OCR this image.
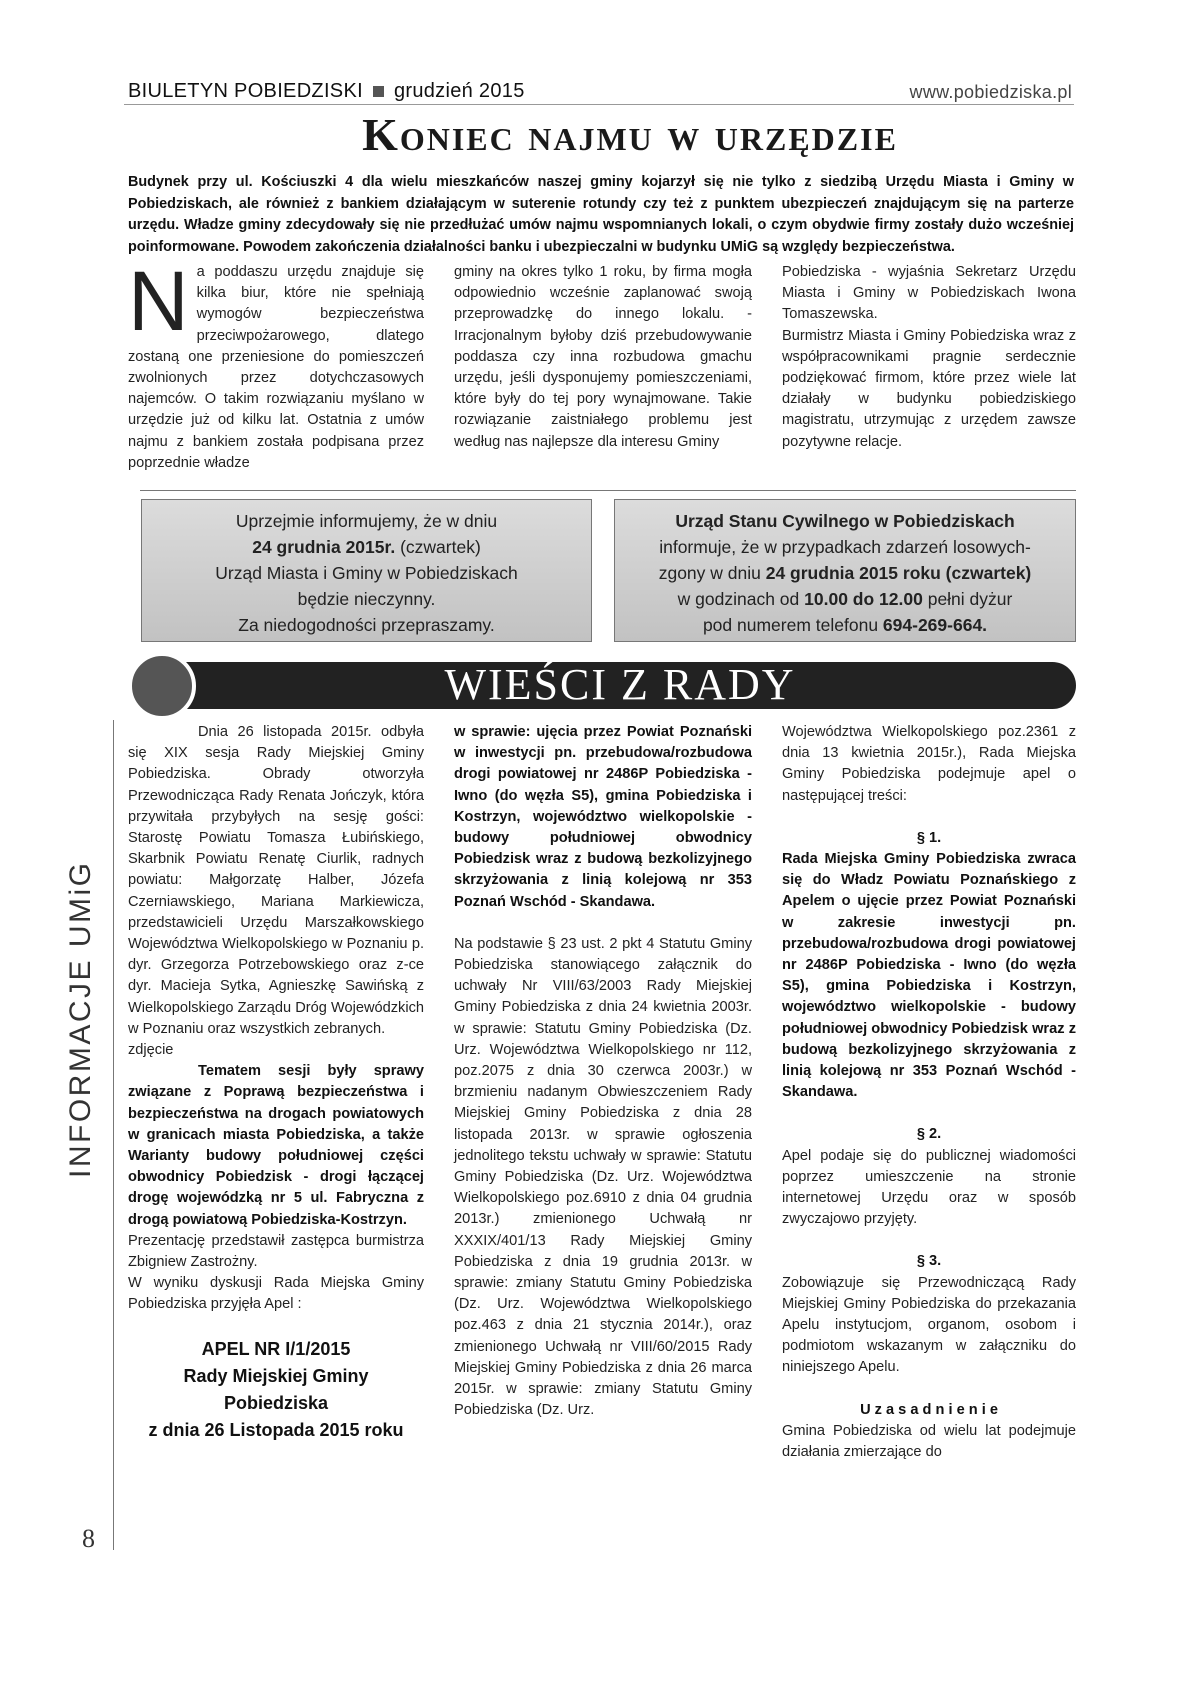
BIULETYN POBIEDZISKI grudzień 2015	www.pobiedziska.pl
Koniec najmu w urzędzie
Budynek przy ul. Kościuszki 4 dla wielu mieszkańców naszej gminy kojarzył się nie tylko z siedzibą Urzędu Miasta i Gminy w Pobiedziskach, ale również z bankiem działającym w suterenie rotundy czy też z punktem ubezpieczeń znajdującym się na parterze urzędu. Władze gminy zdecydowały się nie przedłużać umów najmu wspomnianych lokali, o czym obydwie firmy zostały dużo wcześniej poinformowane. Powodem zakończenia działalności banku i ubezpieczalni w budynku UMiG są względy bezpieczeństwa.
Na poddaszu urzędu znajduje się kilka biur, które nie spełniają wymogów bezpieczeństwa przeciwpożarowego, dlatego zostaną one przeniesione do pomieszczeń zwolnionych przez dotychczasowych najemców. O takim rozwiązaniu myślano w urzędzie już od kilku lat. Ostatnia z umów najmu z bankiem została podpisana przez poprzednie władze
gminy na okres tylko 1 roku, by firma mogła odpowiednio wcześnie zaplanować swoją przeprowadzkę do innego lokalu. - Irracjonalnym byłoby dziś przebudowywanie poddasza czy inna rozbudowa gmachu urzędu, jeśli dysponujemy pomieszczeniami, które były do tej pory wynajmowane. Takie rozwiązanie zaistniałego problemu jest według nas najlepsze dla interesu Gminy
Pobiedziska - wyjaśnia Sekretarz Urzędu Miasta i Gminy w Pobiedziskach Iwona Tomaszewska.
Burmistrz Miasta i Gminy Pobiedziska wraz z współpracownikami pragnie serdecznie podziękować firmom, które przez wiele lat działały w budynku pobiedziskiego magistratu, utrzymując z urzędem zawsze pozytywne relacje.
Uprzejmie informujemy, że w dniu
24 grudnia 2015r. (czwartek)
Urząd Miasta i Gminy w Pobiedziskach
będzie nieczynny.
Za niedogodności przepraszamy.
Urząd Stanu Cywilnego w Pobiedziskach
informuje, że w przypadkach zdarzeń losowych-
zgony w dniu 24 grudnia 2015 roku (czwartek)
w godzinach od 10.00 do 12.00 pełni dyżur
pod numerem telefonu 694-269-664.
WIEŚCI Z RADY
INFORMACJE UMiG
8

Dnia 26 listopada 2015r. odbyła się XIX sesja Rady Miejskiej Gminy Pobiedziska. Obrady otworzyła Przewodnicząca Rady Renata Jończyk, która przywitała przybyłych na sesję gości: Starostę Powiatu Tomasza Łubińskiego, Skarbnik Powiatu Renatę Ciurlik, radnych powiatu: Małgorzatę Halber, Józefa Czerniawskiego, Mariana Markiewicza, przedstawicieli Urzędu Marszałkowskiego Województwa Wielkopolskiego w Poznaniu p. dyr. Grzegorza Potrzebowskiego oraz z-ce dyr. Macieja Sytka, Agnieszkę Sawińską z Wielkopolskiego Zarządu Dróg Wojewódzkich w Poznaniu oraz wszystkich zebranych.

zdjęcie

Tematem sesji były sprawy związane z Poprawą bezpieczeństwa i bezpieczeństwa na drogach powiatowych w granicach miasta Pobiedziska, a także Warianty budowy południowej części obwodnicy Pobiedzisk - drogi łączącej drogę wojewódzką nr 5 ul. Fabryczna z drogą powiatową Pobiedziska-Kostrzyn.

Prezentację przedstawił zastępca burmistrza Zbigniew Zastrożny.

W wyniku dyskusji Rada Miejska Gminy Pobiedziska przyjęła Apel :

APEL NR I/1/2015
Rady Miejskiej Gminy
Pobiedziska
z dnia 26 Listopada 2015 roku

w sprawie: ujęcia przez Powiat Poznański w inwestycji pn. przebudowa/rozbudowa drogi powiatowej nr 2486P Pobiedziska - Iwno (do węzła S5), gmina Pobiedziska i Kostrzyn, województwo wielkopolskie - budowy południowej obwodnicy Pobiedzisk wraz z budową bezkolizyjnego skrzyżowania z linią kolejową nr 353 Poznań Wschód - Skandawa.

Na podstawie § 23 ust. 2 pkt 4 Statutu Gminy Pobiedziska stanowiącego załącznik do uchwały Nr VIII/63/2003 Rady Miejskiej Gminy Pobiedziska z dnia 24 kwietnia 2003r. w sprawie: Statutu Gminy Pobiedziska (Dz. Urz. Województwa Wielkopolskiego nr 112, poz.2075 z dnia 30 czerwca 2003r.) w brzmieniu nadanym Obwieszczeniem Rady Miejskiej Gminy Pobiedziska z dnia 28 listopada 2013r. w sprawie ogłoszenia jednolitego tekstu uchwały w sprawie: Statutu Gminy Pobiedziska (Dz. Urz. Województwa Wielkopolskiego poz.6910 z dnia 04 grudnia 2013r.) zmienionego Uchwałą nr XXXIX/401/13 Rady Miejskiej Gminy Pobiedziska z dnia 19 grudnia 2013r. w sprawie: zmiany Statutu Gminy Pobiedziska (Dz. Urz. Województwa Wielkopolskiego poz.463 z dnia 21 stycznia 2014r.), oraz zmienionego Uchwałą nr VIII/60/2015 Rady Miejskiej Gminy Pobiedziska z dnia 26 marca 2015r. w sprawie: zmiany Statutu Gminy Pobiedziska (Dz. Urz.

Województwa Wielkopolskiego poz.2361 z dnia 13 kwietnia 2015r.), Rada Miejska Gminy Pobiedziska podejmuje apel o następującej treści:

§ 1.

Rada Miejska Gminy Pobiedziska zwraca się do Władz Powiatu Poznańskiego z Apelem o ujęcie przez Powiat Poznański w zakresie inwestycji pn. przebudowa/rozbudowa drogi powiatowej nr 2486P Pobiedziska - Iwno (do węzła S5), gmina Pobiedziska i Kostrzyn, województwo wielkopolskie - budowy południowej obwodnicy Pobiedzisk wraz z budową bezkolizyjnego skrzyżowania z linią kolejową nr 353 Poznań Wschód - Skandawa.

§ 2.

Apel podaje się do publicznej wiadomości poprzez umieszczenie na stronie internetowej Urzędu oraz w sposób zwyczajowo przyjęty.

§ 3.

Zobowiązuje się Przewodniczącą Rady Miejskiej Gminy Pobiedziska do przekazania Apelu instytucjom, organom, osobom i podmiotom wskazanym w załączniku do niniejszego Apelu.

U z a s a d n i e n i e

Gmina Pobiedziska od wielu lat podejmuje działania zmierzające do
